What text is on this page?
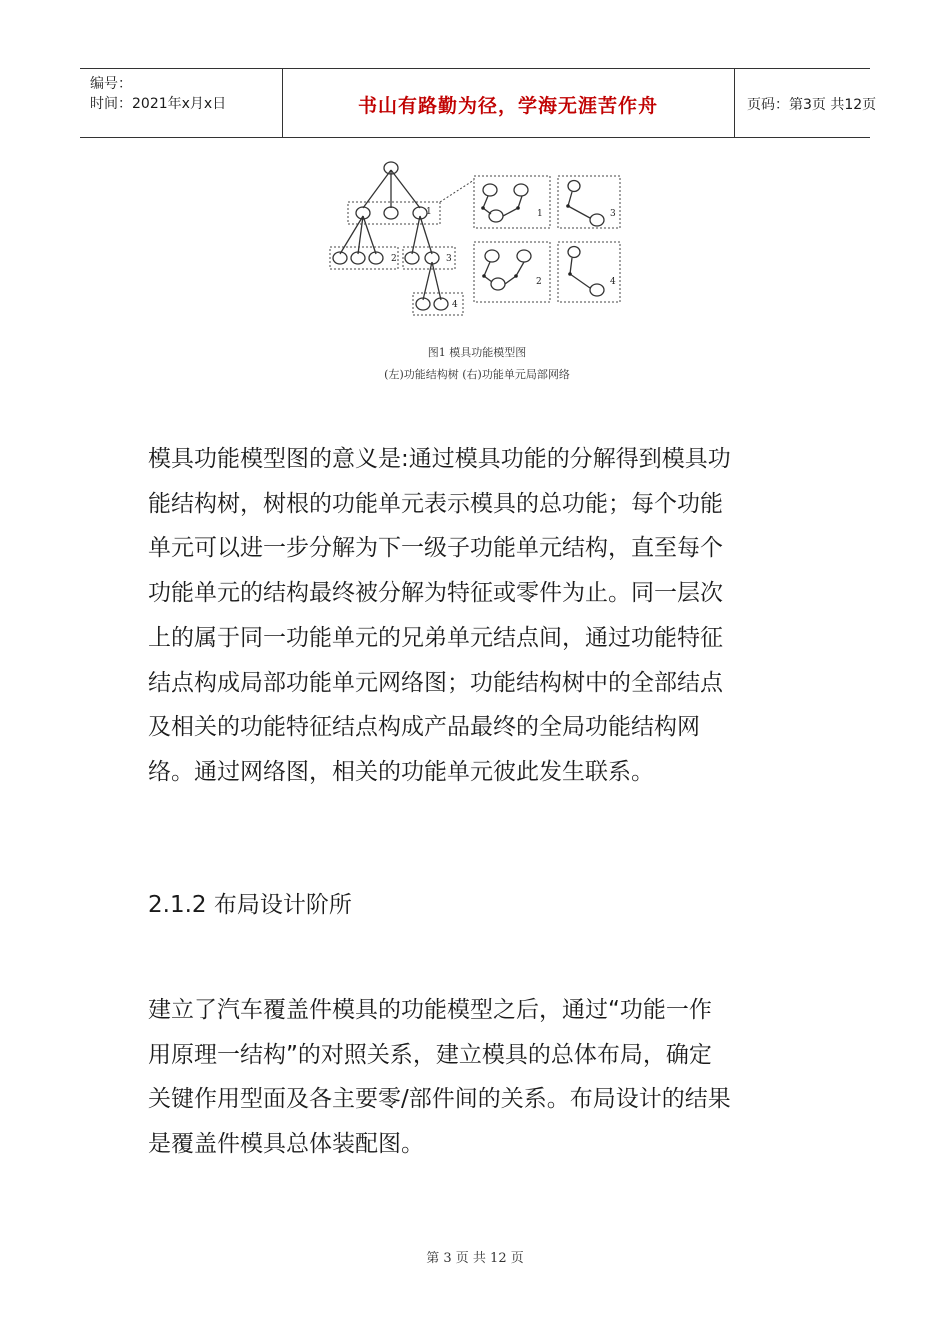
编号：
时间：2021年x月x日	书山有路勤为径，学海无涯苦作舟	页码：第3页 共12页
1
2	3
4
1	3
2	4
图1 模具功能模型图
(左)功能结构树 (右)功能单元局部网络
模具功能模型图的意义是:通过模具功能的分解得到模具功
能结构树，树根的功能单元表示模具的总功能；每个功能
单元可以进一步分解为下一级子功能单元结构，直至每个
功能单元的结构最终被分解为特征或零件为止。同一层次
上的属于同一功能单元的兄弟单元结点间，通过功能特征
结点构成局部功能单元网络图；功能结构树中的全部结点
及相关的功能特征结点构成产品最终的全局功能结构网
络。通过网络图，相关的功能单元彼此发生联系。
2.1.2 布局设计阶所
建立了汽车覆盖件模具的功能模型之后，通过“功能一作
用原理一结构”的对照关系，建立模具的总体布局，确定
关键作用型面及各主要零/部件间的关系。布局设计的结果
是覆盖件模具总体装配图。
第 3 页 共 12 页
